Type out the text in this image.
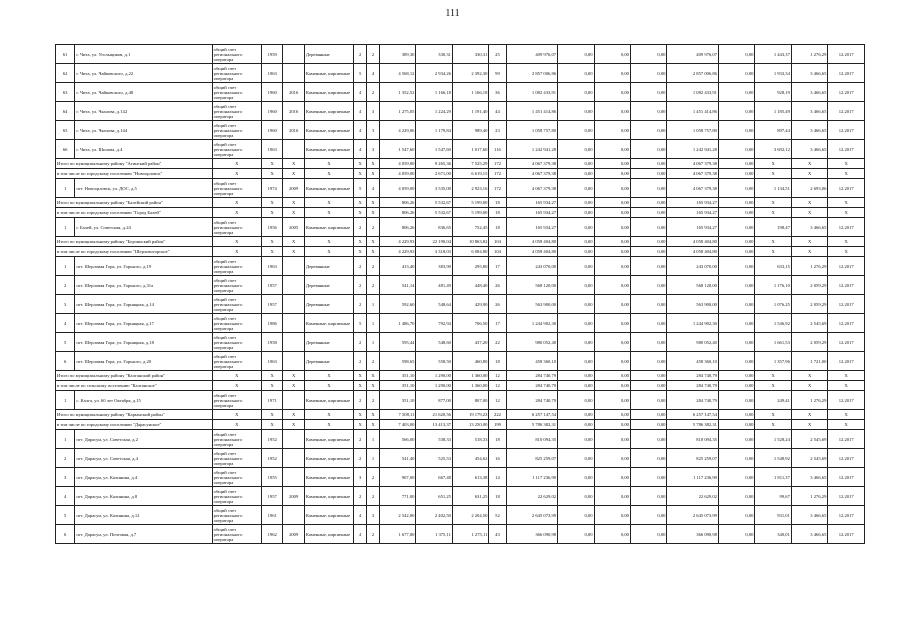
111
61	г. Чита, ул. Угольщиков, д.1	общий счет регионального оператора	1959		Деревянные	2	2	389,30	330,31	330,31	25	409 976,07	0,00	0,00	0,00	409 976,07	0,00	1 443,37	1 276,29	12.2017
62	г. Чита, ул. Чайковского, д.22	общий счет регионального оператора	1963		Каменные, кирпичные	5	4	4 568,12	2 934,26	2 392,30	99	2 857 006,86	0,00	0,00	0,00	2 857 006,86	0,00	1 933,34	3 466,65	12.2017
63	г. Чита, ул. Чайковского, д.48	общий счет регионального оператора	1960	2016	Каменные, кирпичные	4	2	1 352,52	1 166,18	1 166,18	36	1 082 433,91	0,00	0,00	0,00	1 082 433,91	0,00	928,19	3 466,65	12.2017
64	г. Чита, ул. Чкалова, д.142	общий счет регионального оператора	1960	2016	Каменные, кирпичные	4	3	1 275,05	1 224,29	1 191,40	44	1 451 414,86	0,00	0,00	0,00	1 451 414,86	0,00	1 185,49	3 466,65	12.2017
65	г. Чита, ул. Чкалова, д.144	общий счет регионального оператора	1960	2016	Каменные, кирпичные	4	3	4 229,06	1 179,84	989,40	23	1 058 757,80	0,00	0,00	0,00	1 058 757,80	0,00	897,44	3 466,65	12.2017
66	г. Чита, ул. Шилова, д.4	общий счет регионального оператора	1963		Каменные, кирпичные	4	3	1 547,60	1 547,60	1 017,60	116	1 242 941,28	0,00	0,00	0,00	1 242 941,28	0,00	3 692,12	3 466,65	12.2017
Итого по муниципальному району "Агинский район"		Х	Х	Х	Х	Х	Х	4 059,00	9 265,36	7 525,29	172	4 067 379,38	0,00	0,00	0,00	4 067 379,38	0,00	Х	Х	Х
в том числе по городскому поселению "Новоорловск"		Х	Х	Х	Х	Х	Х	4 059,00	2 671,00	6 619,15	172	4 067 379,38	0,00	0,00	0,00	4 067 379,38	0,00	Х	Х	Х
1	пгт. Новоорловск, ул. ДОС, д.5	общий счет регионального оператора	1974	2009	Каменные, кирпичные	5	4	4 059,00	3 535,00	2 923,16	172	4 067 379,38	0,00	0,00	0,00	4 067 379,38	0,00	1 134,51	2 693,06	12.2017
Итого по муниципальному району "Балейский район"		Х	Х	Х	Х	Х	Х	806,26	5 532,67	5 199,00	18	165 934,27	0,00	0,00	0,00	165 934,27	0,00	Х	Х	Х
в том числе по городскому поселению "Город Балей"		Х	Х	Х	Х	Х	Х	806,26	5 532,67	5 199,00	18	165 934,27	0,00	0,00	0,00	165 934,27	0,00	Х	Х	Х
1	г. Балей, ул. Советская, д.24	общий счет регионального оператора	1956	2005	Каменные, кирпичные	2	2	806,26	836,65	752,45	18	165 934,27	0,00	0,00	0,00	165 934,27	0,00	198,47	3 466,65	12.2017
Итого по муниципальному району "Борзинский район"		Х	Х	Х	Х	Х	Х	4 229,93	22 190,04	10 863,82	104	4 058 404,80	0,00	0,00	0,00	4 058 404,80	0,00	Х	Х	Х
в том числе по городскому поселению "Шерловогорское"		Х	Х	Х	Х	Х	Х	4 229,93	3 318,03	6 084,80	104	4 058 404,80	0,00	0,00	0,00	4 058 404,80	0,00	Х	Х	Х
1	пгт. Шерловая Гора, ул. Горького, д.19	общий счет регионального оператора	1963		Деревянные	2	2	413,40	383,90	295,80	17	243 070,00	0,00	0,00	0,00	243 070,00	0,00	633,15	1 276,29	12.2017
2	пгт. Шерловая Гора, ул. Горького, д.31а	общий счет регионального оператора	1957		Деревянные	2	2	541,14	481,49	448,40	26	568 120,00	0,00	0,00	0,00	568 120,00	0,00	1 176,10	2 059,29	12.2017
3	пгт. Шерловая Гора, ул. Горняцкая, д.14	общий счет регионального оператора	1957		Деревянные	2	1	592,60	548,64	429,90	26	563 900,00	0,00	0,00	0,00	563 900,00	0,00	1 076,25	2 059,29	12.2017
4	пгт. Шерловая Гора, ул. Горняцкая, д.17	общий счет регионального оператора	1986		Каменные, кирпичные	5	1	1 486,70	792,94	706,50	17	1 244 902,30	0,00	0,00	0,00	1 244 902,30	0,00	1 546,92	2 545,69	12.2017
5	пгт. Шерловая Гора, ул. Горняцкая, д.18	общий счет регионального оператора	1958		Деревянные	2	1	595,44	548,60	437,20	22	980 052,40	0,00	0,00	0,00	980 052,40	0,00	1 661,53	2 059,29	12.2017
6	пгт. Шерловая Гора, ул. Горького, д.20	общий счет регионального оператора	1963		Деревянные	2	2	598,65	558,50	460,80	18	458 360,10	0,00	0,00	0,00	458 360,10	0,00	1 357,96	1 721,00	12.2017
Итого по муниципальному району "Калганский район"		Х	Х	Х	Х	Х	Х	351,10	1 290,00	1 360,00	12	284 740,79	0,00	0,00	0,00	284 740,79	0,00	Х	Х	Х
в том числе по сельскому поселению "Калганское"		Х	Х	Х	Х	Х	Х	351,10	1 290,00	1 360,00	12	284 740,79	0,00	0,00	0,00	284 740,79	0,00	Х	Х	Х
1	с. Калга, ул. 60 лет Октября, д.15	общий счет регионального оператора	1971		Каменные, кирпичные	2	2	351,10	877,00	807,00	12	284 740,79	0,00	0,00	0,00	284 740,79	0,00	249,41	1 276,29	12.2017
Итого по муниципальному району "Карымский район"		Х	Х	Х	Х	Х	Х	7 508,11	21 620,56	19 179,23	222	6 257 147,54	0,00	0,00	0,00	6 257 147,54	0,00	Х	Х	Х
в том числе по городскому поселению "Дарасунское"		Х	Х	Х	Х	Х	Х	7 403,00	13 413,37	13 250,00	199	5 786 382,31	0,00	0,00	0,00	5 786 382,31	0,00	Х	Х	Х
1	пгт. Дарасун, ул. Советская, д.2	общий счет регионального оператора	1952		Каменные, кирпичные	2	1	566,00	538,33	518,33	18	810 094,35	0,00	0,00	0,00	810 094,35	0,00	1 528,24	2 545,69	12.2017
2	пгт. Дарасун, ул. Советская, д.4	общий счет регионального оператора	1952		Каменные, кирпичные	2	1	541,40	525,53	454,62	16	825 259,07	0,00	0,00	0,00	825 259,07	0,00	1 548,92	2 545,69	12.2017
3	пгт. Дарасун, ул. Калинина, д.4	общий счет регионального оператора	1955		Каменные, кирпичные	3	2	907,00	667,48	613,38	14	1 117 236,90	0,00	0,00	0,00	1 117 236,90	0,00	1 811,37	3 466,65	12.2017
4	пгт. Дарасун, ул. Калинина, д.8	общий счет регионального оператора	1957	2009	Каменные, кирпичные	2	2	771,00	651,25	631,25	18	22 629,02	0,00	0,00	0,00	22 629,02	0,00	99,67	1 276,29	12.2017
5	пгт. Дарасун, ул. Калинина, д.12	общий счет регионального оператора	1961		Каменные, кирпичные	4	3	2 542,00	2 402,50	2 204,50	52	2 645 073,99	0,00	0,00	0,00	2 645 073,99	0,00	931,01	3 466,65	12.2017
6	пгт. Дарасун, ул. Почтовая, д.7	общий счет регионального оператора	1962	2009	Каменные, кирпичные	4	2	1 677,00	1 375,11	1 275,11	43	366 090,98	0,00	0,00	0,00	366 090,98	0,00	340,01	3 466,65	12.2017
